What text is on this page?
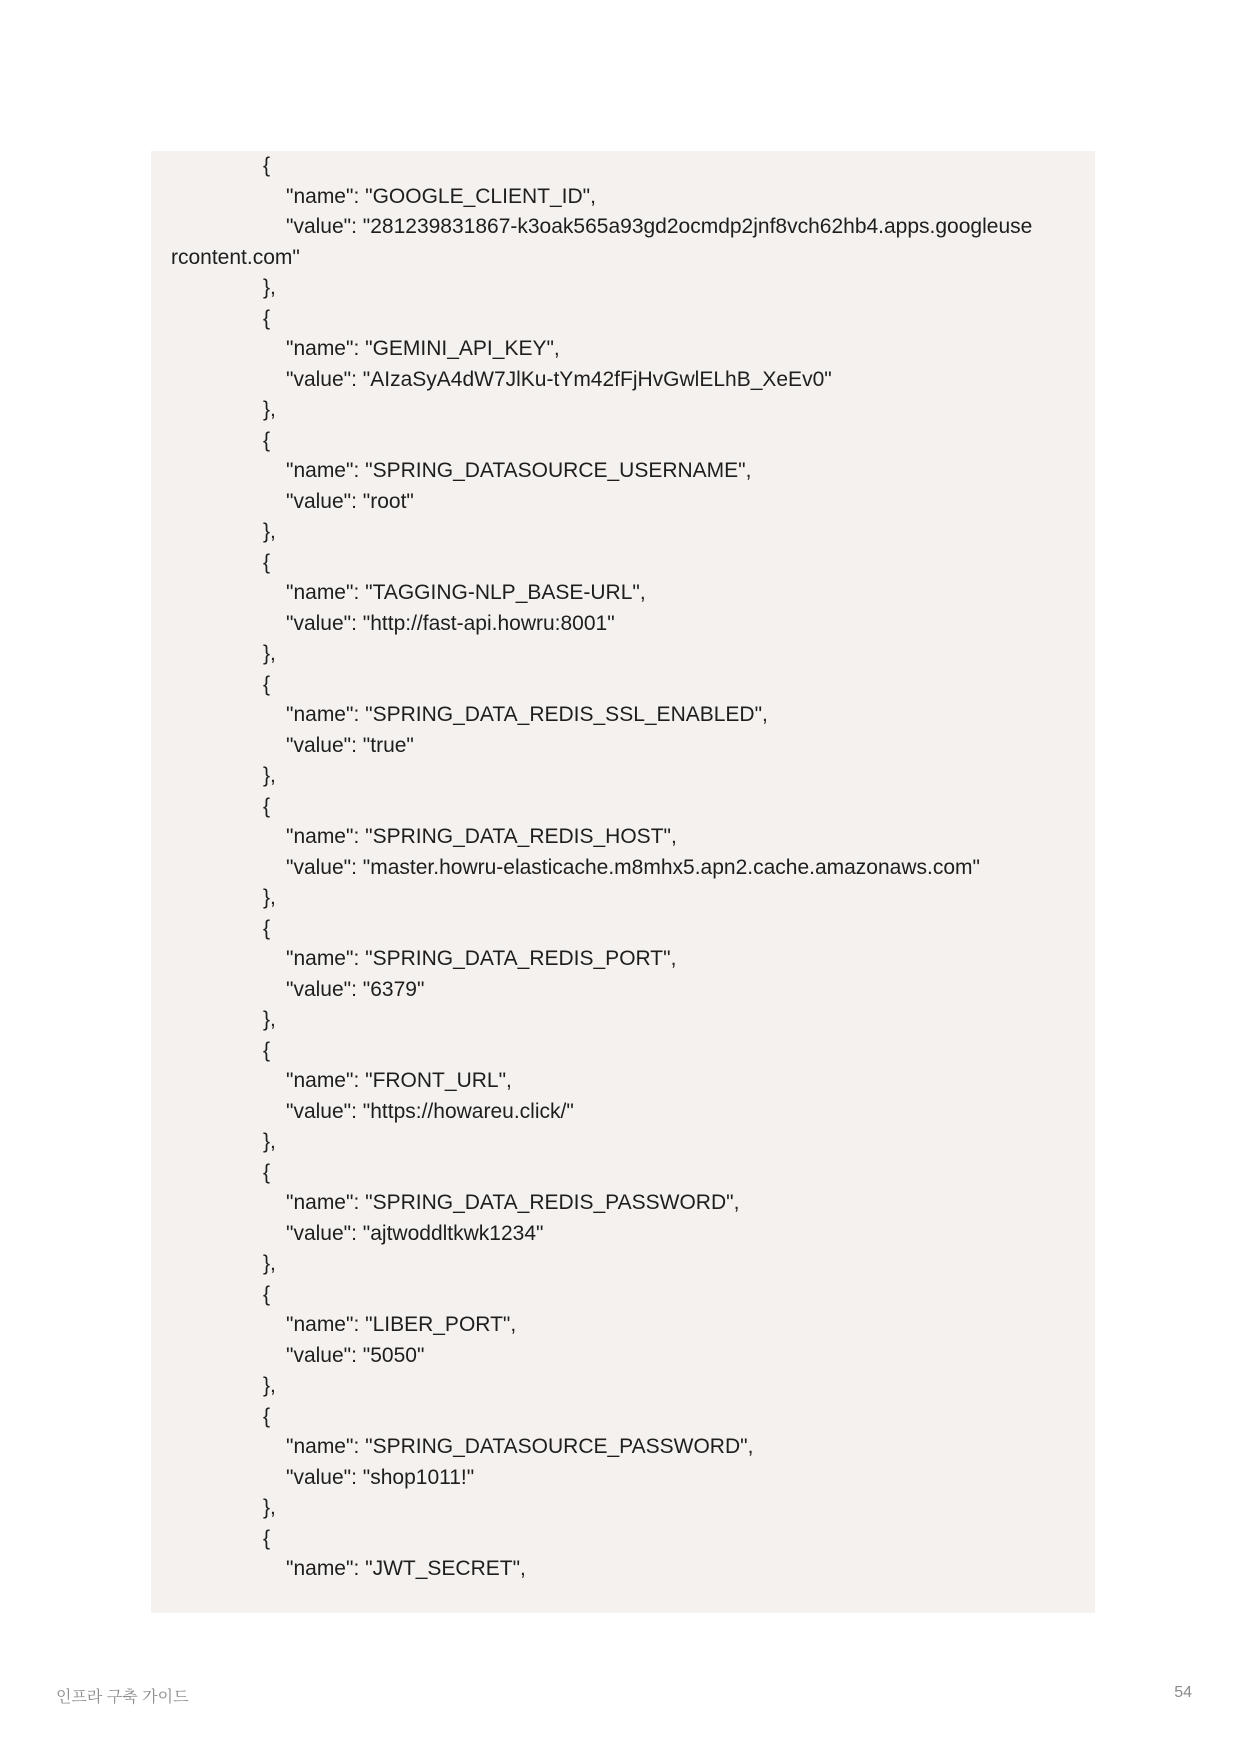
{
"name": "GOOGLE_CLIENT_ID",
"value": "281239831867-k3oak565a93gd2ocmdp2jnf8vch62hb4.apps.googleuse
rcontent.com"
},
{
"name": "GEMINI_API_KEY",
"value": "AIzaSyA4dW7JlKu-tYm42fFjHvGwlELhB_XeEv0"
},
{
"name": "SPRING_DATASOURCE_USERNAME",
"value": "root"
},
{
"name": "TAGGING-NLP_BASE-URL",
"value": "http://fast-api.howru:8001"
},
{
"name": "SPRING_DATA_REDIS_SSL_ENABLED",
"value": "true"
},
{
"name": "SPRING_DATA_REDIS_HOST",
"value": "master.howru-elasticache.m8mhx5.apn2.cache.amazonaws.com"
},
{
"name": "SPRING_DATA_REDIS_PORT",
"value": "6379"
},
{
"name": "FRONT_URL",
"value": "https://howareu.click/"
},
{
"name": "SPRING_DATA_REDIS_PASSWORD",
"value": "ajtwoddltkwk1234"
},
{
"name": "LIBER_PORT",
"value": "5050"
},
{
"name": "SPRING_DATASOURCE_PASSWORD",
"value": "shop1011!"
},
{
"name": "JWT_SECRET",
인프라 구축 가이드	54
